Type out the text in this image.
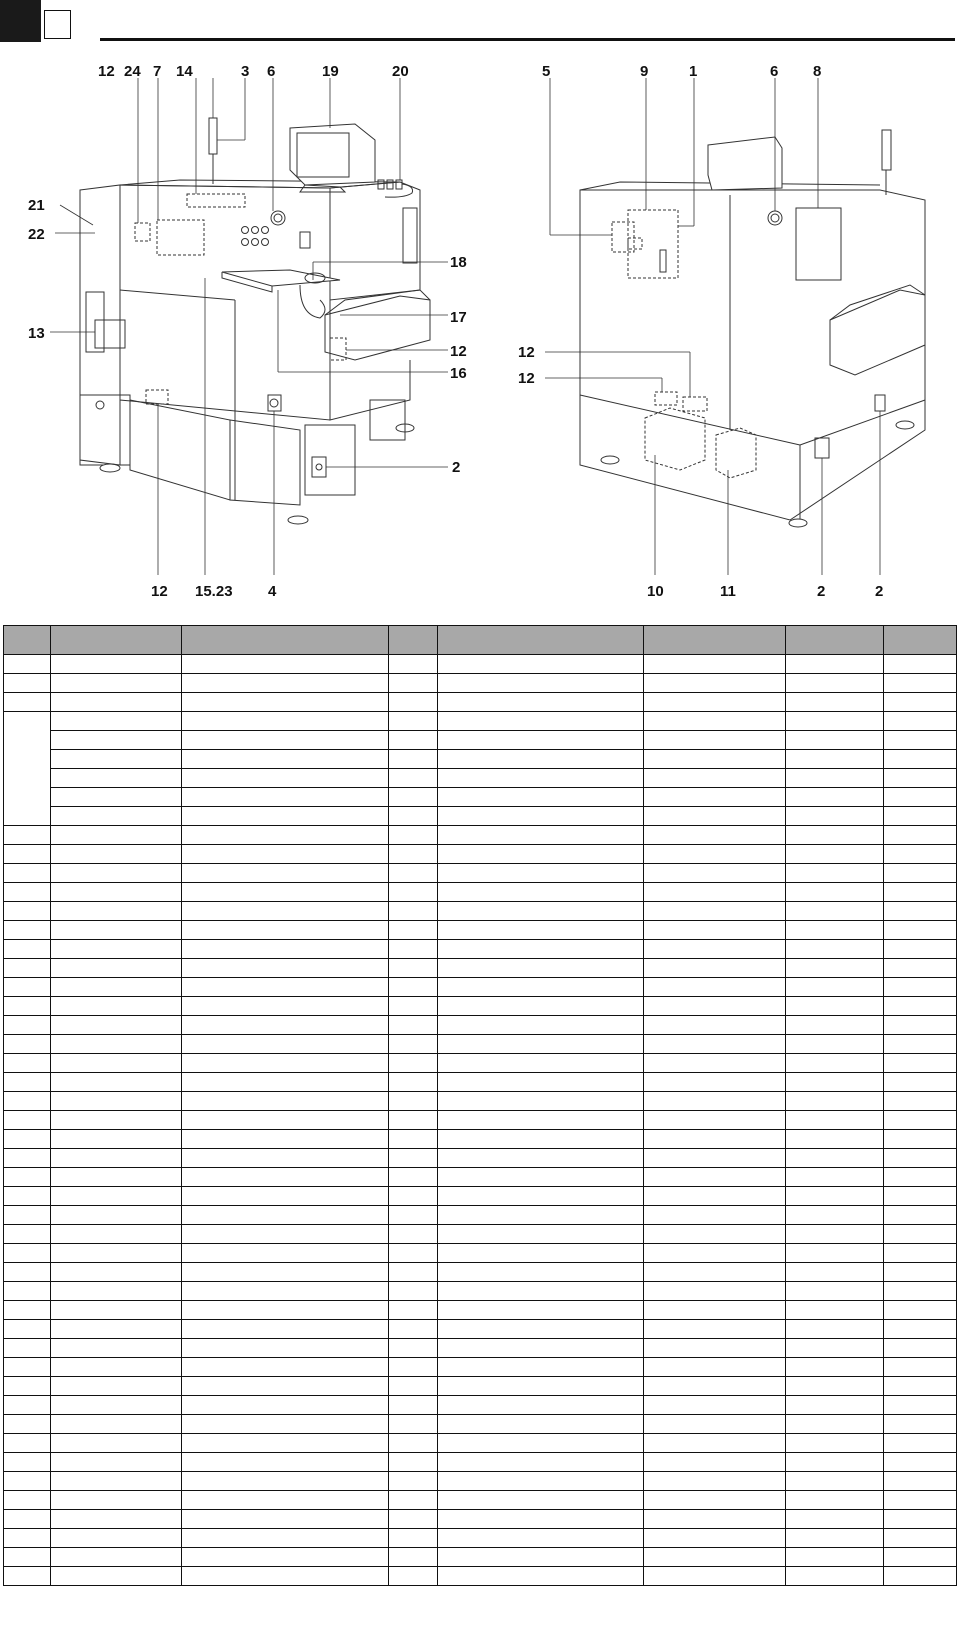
12 24 7 14	3 6	19	20
21
22
13
18
17
12
16
2
12 15.23 4
5	9	1	6 8
12
12
10	11	2	2
